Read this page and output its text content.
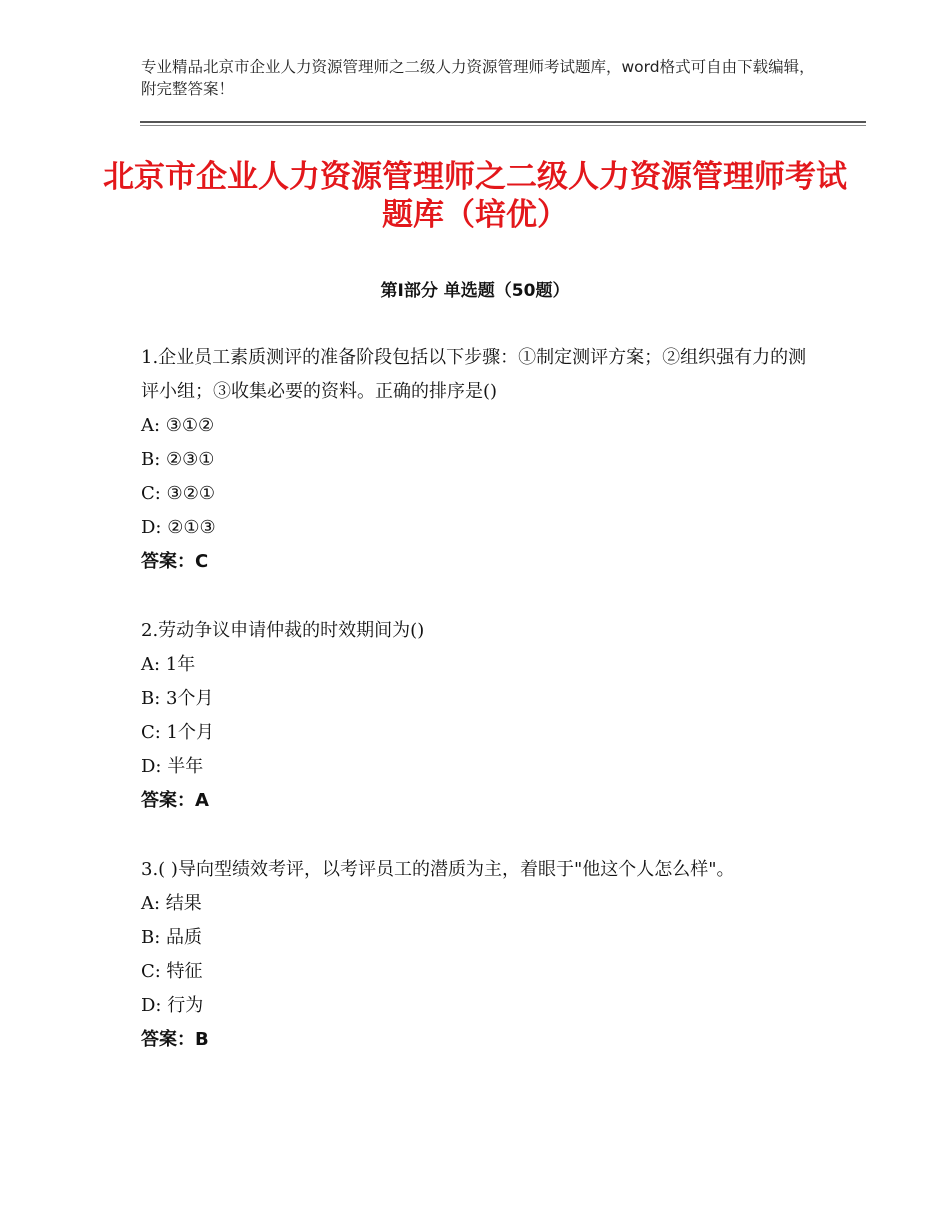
专业精品北京市企业人力资源管理师之二级人力资源管理师考试题库，word格式可自由下载编辑，附完整答案！
北京市企业人力资源管理师之二级人力资源管理师考试题库（培优）
第Ⅰ部分 单选题（50题）

1.企业员工素质测评的准备阶段包括以下步骤：①制定测评方案；②组织强有力的测评小组；③收集必要的资料。正确的排序是()

A: ③①②

B: ②③①

C: ③②①

D: ②①③

答案：C

2.劳动争议申请仲裁的时效期间为()

A: 1年

B: 3个月

C: 1个月

D: 半年

答案：A

3.( )导向型绩效考评，以考评员工的潜质为主，着眼于"他这个人怎么样"。

A: 结果

B: 品质

C: 特征

D: 行为

答案：B
